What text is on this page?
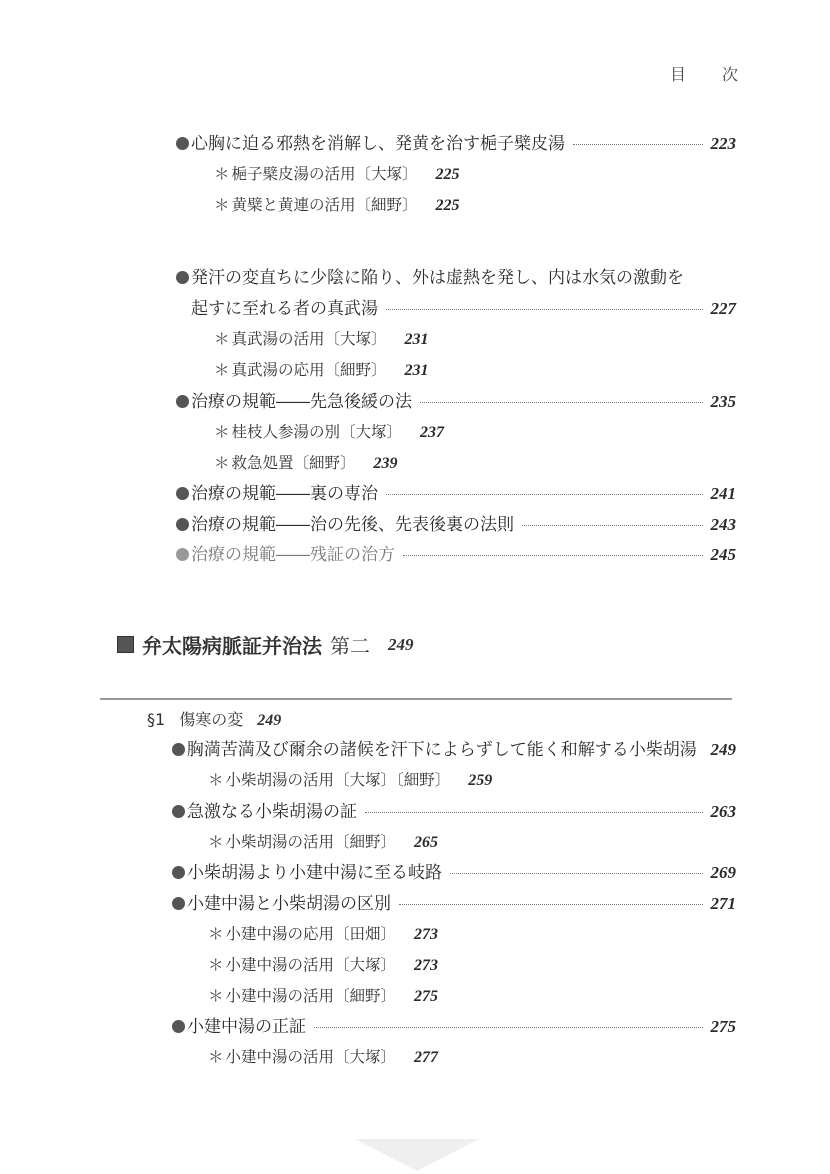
目 次
心胸に迫る邪熱を消解し、発黄を治す梔子檗皮湯	223
＊ 梔子檗皮湯の活用〔大塚〕 225
＊ 黄檗と黄連の活用〔細野〕 225
発汗の変直ちに少陰に陥り、外は虚熱を発し、内は水気の激動を
起すに至れる者の真武湯	227
＊ 真武湯の活用〔大塚〕 231
＊ 真武湯の応用〔細野〕 231
治療の規範――先急後緩の法	235
＊ 桂枝人参湯の別〔大塚〕 237
＊ 救急処置〔細野〕 239
治療の規範――裏の専治	241
治療の規範――治の先後、先表後裏の法則	243
治療の規範――残証の治方	245
弁太陽病脈証并治法 第二 249
§1 傷寒の変 249
胸満苦満及び爾余の諸候を汗下によらずして能く和解する小柴胡湯 249
＊ 小柴胡湯の活用〔大塚〕〔細野〕 259
急激なる小柴胡湯の証	263
＊ 小柴胡湯の活用〔細野〕 265
小柴胡湯より小建中湯に至る岐路	269
小建中湯と小柴胡湯の区別	271
＊ 小建中湯の応用〔田畑〕 273
＊ 小建中湯の活用〔大塚〕 273
＊ 小建中湯の活用〔細野〕 275
小建中湯の正証	275
＊ 小建中湯の活用〔大塚〕 277
